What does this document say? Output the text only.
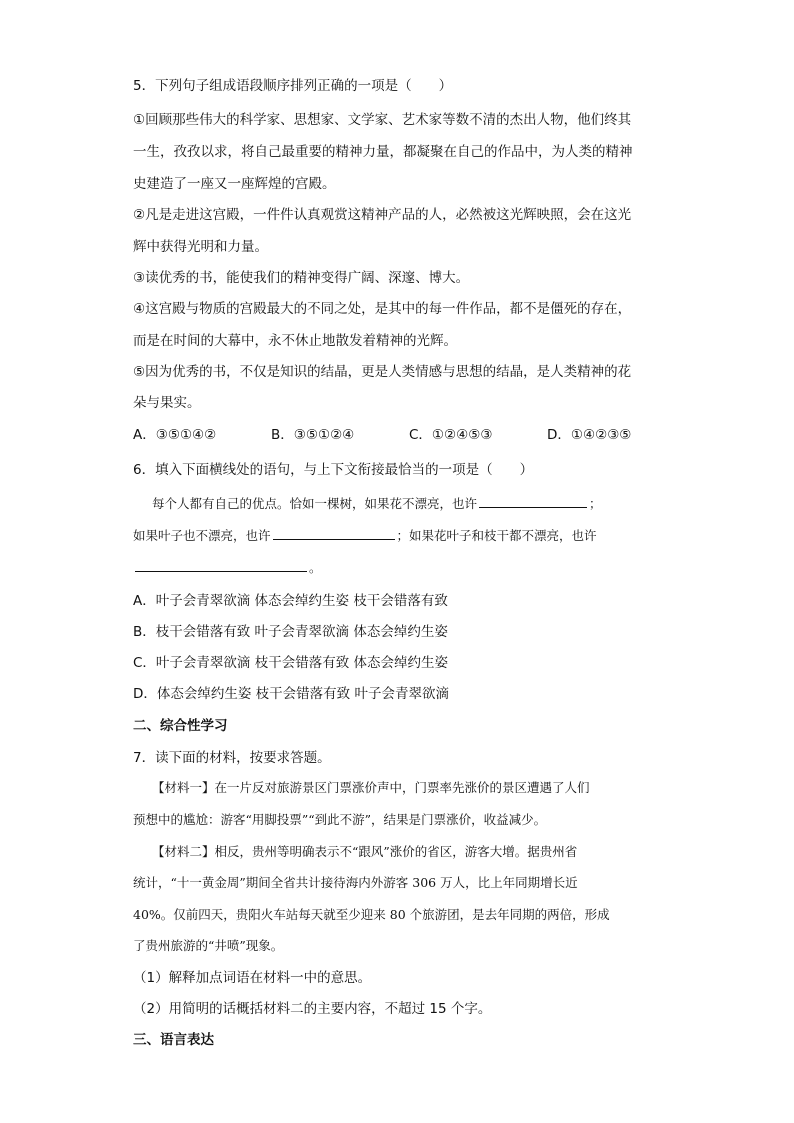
5．下列句子组成语段顺序排列正确的一项是（　　）
①回顾那些伟大的科学家、思想家、文学家、艺术家等数不清的杰出人物，他们终其
一生，孜孜以求，将自己最重要的精神力量，都凝聚在自己的作品中，为人类的精神
史建造了一座又一座辉煌的宫殿。
②凡是走进这宫殿，一件件认真观赏这精神产品的人，必然被这光辉映照，会在这光
辉中获得光明和力量。
③读优秀的书，能使我们的精神变得广阔、深邃、博大。
④这宫殿与物质的宫殿最大的不同之处，是其中的每一件作品，都不是僵死的存在，
而是在时间的大幕中，永不休止地散发着精神的光辉。
⑤因为优秀的书，不仅是知识的结晶，更是人类情感与思想的结晶，是人类精神的花
朵与果实。
A．③⑤①④②	B．③⑤①②④	C．①②④⑤③	D．①④②③⑤
6．填入下面横线处的语句，与上下文衔接最恰当的一项是（　　）
每个人都有自己的优点。恰如一棵树，如果花不漂亮，也许	；
如果叶子也不漂亮，也许	；如果花叶子和枝干都不漂亮，也许
。
A．叶子会青翠欲滴 体态会绰约生姿 枝干会错落有致
B．枝干会错落有致 叶子会青翠欲滴 体态会绰约生姿
C．叶子会青翠欲滴 枝干会错落有致 体态会绰约生姿
D．体态会绰约生姿 枝干会错落有致 叶子会青翠欲滴
二、综合性学习
7．读下面的材料，按要求答题。
【材料一】在一片反对旅游景区门票涨价声中，门票率先涨价的景区遭遇了人们
预想中的尴尬：游客“用脚投票”“到此不游”，结果是门票涨价，收益减少。
【材料二】相反，贵州等明确表示不“跟风”涨价的省区，游客大增。据贵州省
统计，“十一黄金周”期间全省共计接待海内外游客 306 万人，比上年同期增长近
40%。仅前四天，贵阳火车站每天就至少迎来 80 个旅游团，是去年同期的两倍，形成
了贵州旅游的“井喷”现象。
（1）解释加点词语在材料一中的意思。
（2）用简明的话概括材料二的主要内容，不超过 15 个字。
三、语言表达
